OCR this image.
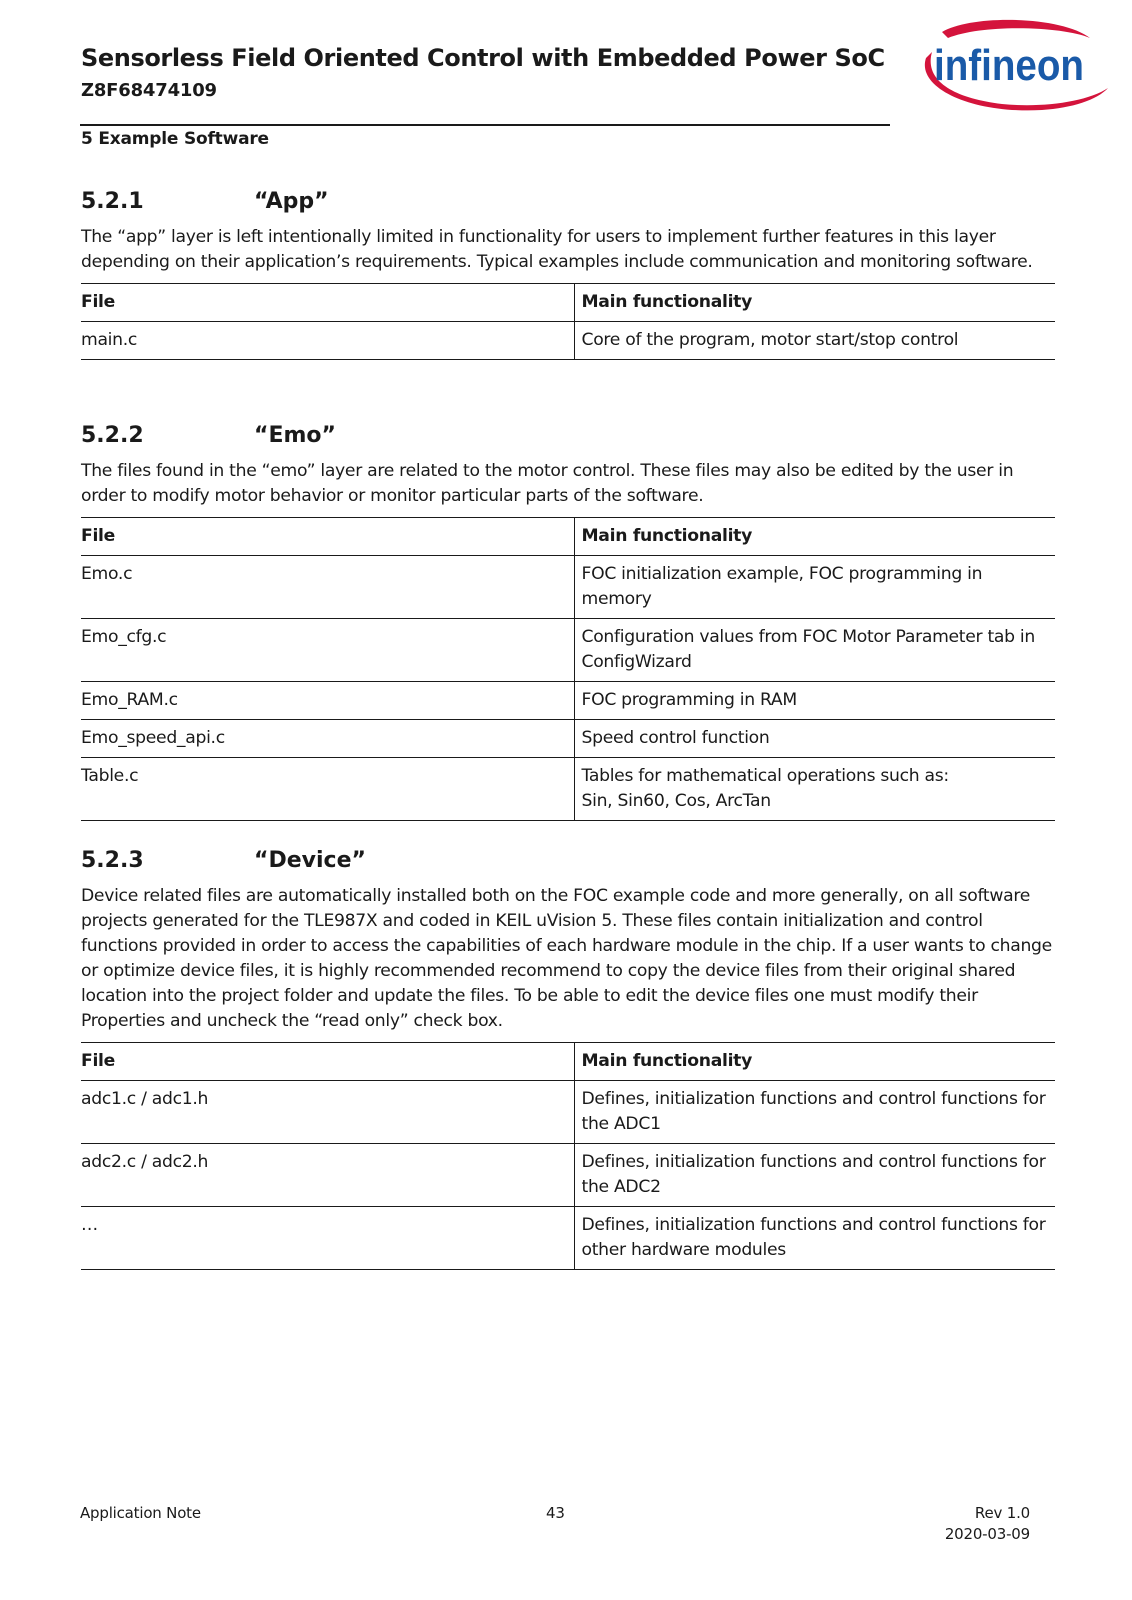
Sensorless Field Oriented Control with Embedded Power SoC
Z8F68474109
5 Example Software
infineon
5.2.1	“App”

The “app” layer is left intentionally limited in functionality for users to implement further features in this layer depending on their application’s requirements. Typical examples include communication and monitoring software.

File	Main functionality
main.c	Core of the program, motor start/stop control
5.2.2	“Emo”

The files found in the “emo” layer are related to the motor control. These files may also be edited by the user in order to modify motor behavior or monitor particular parts of the software.

File	Main functionality
Emo.c	FOC initialization example, FOC programming in memory
Emo_cfg.c	Configuration values from FOC Motor Parameter tab in ConfigWizard
Emo_RAM.c	FOC programming in RAM
Emo_speed_api.c	Speed control function
Table.c	Tables for mathematical operations such as:
Sin, Sin60, Cos, ArcTan
5.2.3	“Device”

Device related files are automatically installed both on the FOC example code and more generally, on all software projects generated for the TLE987X and coded in KEIL uVision 5. These files contain initialization and control functions provided in order to access the capabilities of each hardware module in the chip. If a user wants to change or optimize device files, it is highly recommended recommend to copy the device files from their original shared location into the project folder and update the files. To be able to edit the device files one must modify their Properties and uncheck the “read only” check box.

File	Main functionality
adc1.c / adc1.h	Defines, initialization functions and control functions for the ADC1
adc2.c / adc2.h	Defines, initialization functions and control functions for the ADC2
…	Defines, initialization functions and control functions for other hardware modules
Application Note	43	Rev 1.0
2020-03-09
